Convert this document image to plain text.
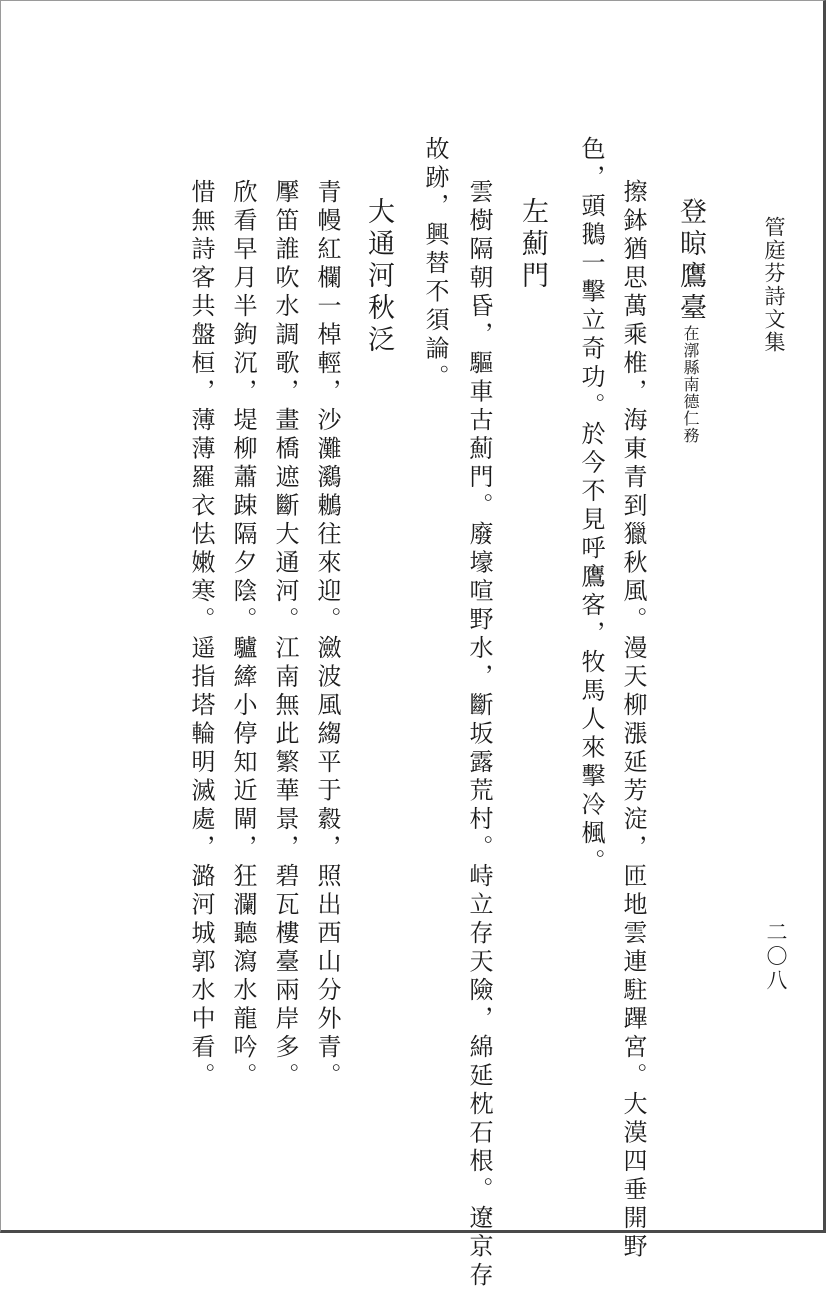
管庭芬詩文集
二〇八
登晾鷹臺在漷縣南德仁務
擦鉢猶思萬乘椎，海東青到獵秋風。漫天柳漲延芳淀，匝地雲連駐蹕宮。大漠四垂開野
色，頭鵝一擊立奇功。於今不見呼鷹客，牧馬人來擊冷楓。
左薊門
雲樹隔朝昏，驅車古薊門。廢壕喧野水，斷坂露荒村。峙立存天險，綿延枕石根。遼京存
故跡，興替不須論。
大通河秋泛
青幔紅欄一棹輕，沙灘鸂鶒往來迎。瀲波風縐平于縠，照出西山分外青。
擪笛誰吹水調歌，畫橋遮斷大通河。江南無此繁華景，碧瓦樓臺兩岸多。
欣看早月半鉤沉，堤柳蕭踈隔夕陰。驢縴小停知近閘，狂瀾聽瀉水龍吟。
惜無詩客共盤桓，薄薄羅衣怯嫩寒。遥指塔輪明滅處，潞河城郭水中看。
